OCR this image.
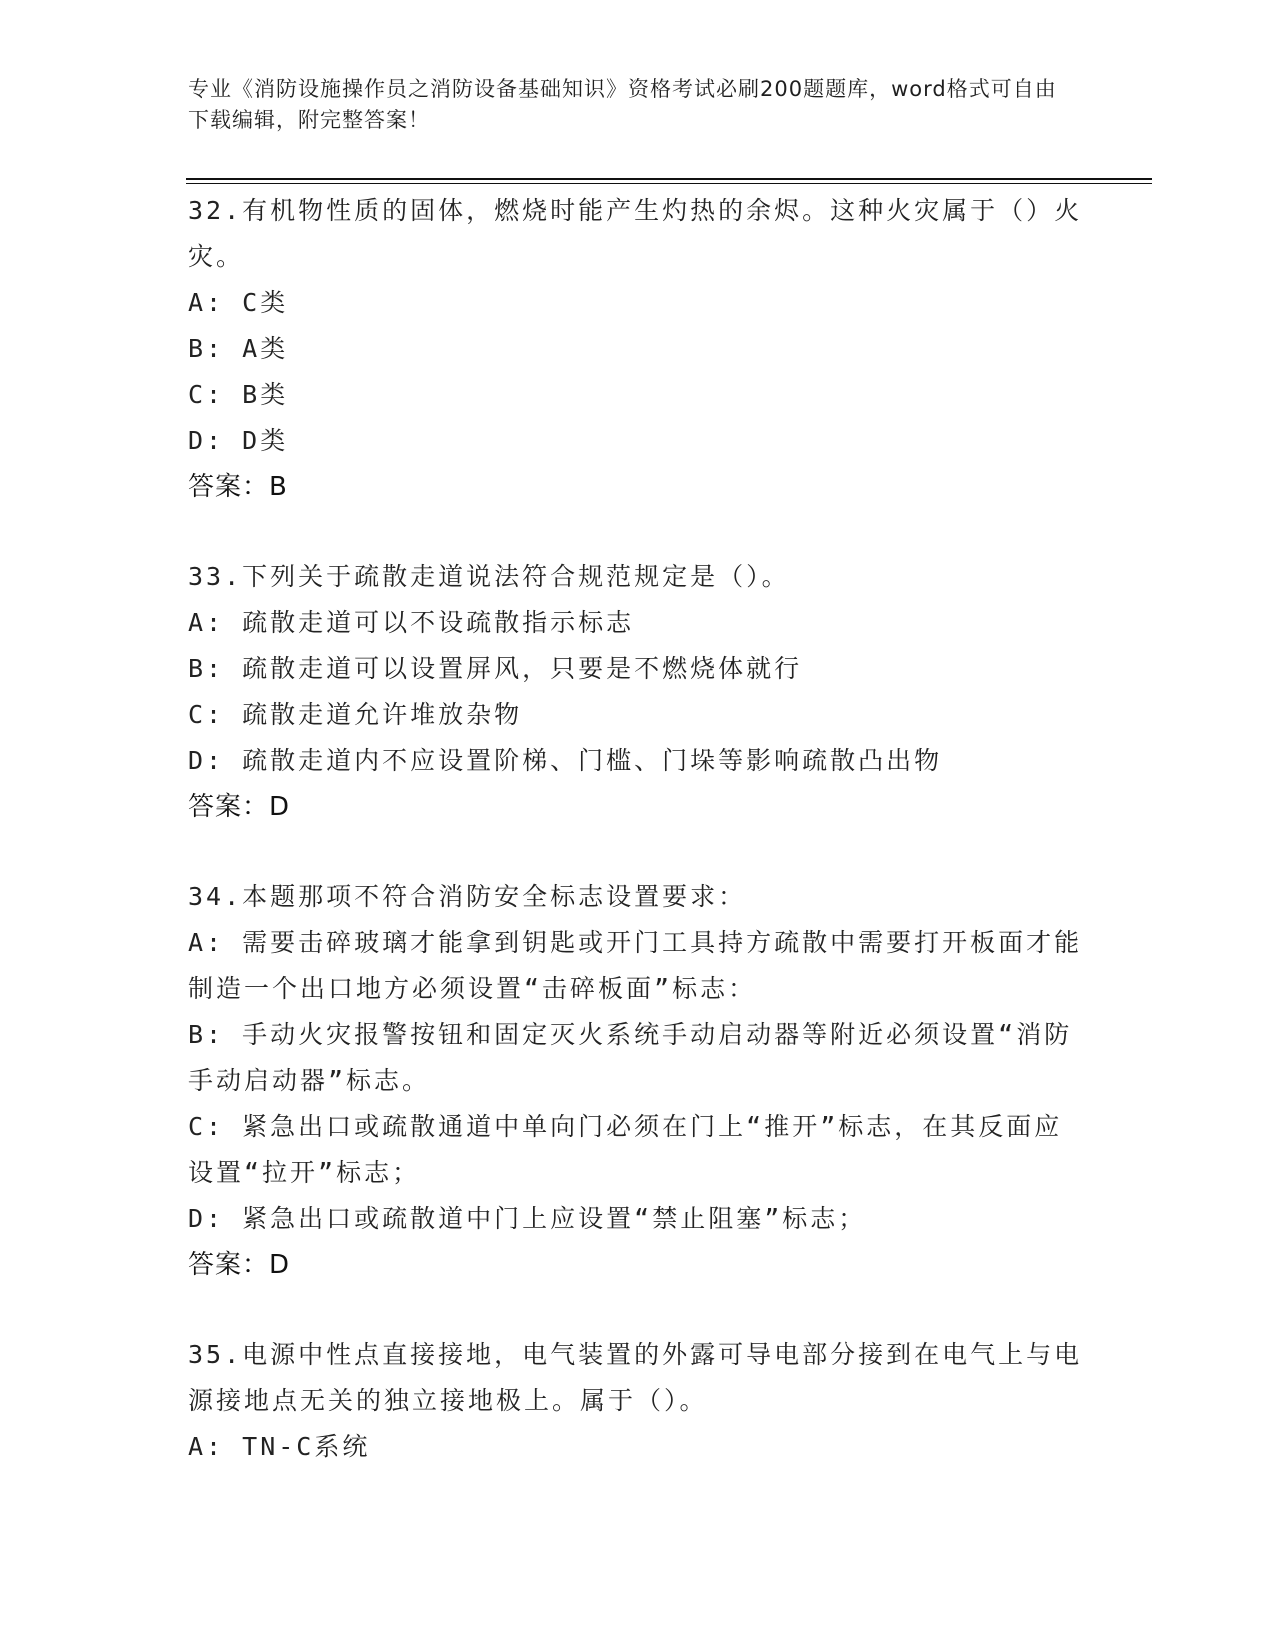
专业《消防设施操作员之消防设备基础知识》资格考试必刷200题题库，word格式可自由下载编辑，附完整答案！
32.有机物性质的固体，燃烧时能产生灼热的余烬。这种火灾属于（）火灾。
A: C类
B: A类
C: B类
D: D类
答案：B
33.下列关于疏散走道说法符合规范规定是（）。
A: 疏散走道可以不设疏散指示标志
B: 疏散走道可以设置屏风，只要是不燃烧体就行
C: 疏散走道允许堆放杂物
D: 疏散走道内不应设置阶梯、门槛、门垛等影响疏散凸出物
答案：D
34.本题那项不符合消防安全标志设置要求：
A: 需要击碎玻璃才能拿到钥匙或开门工具持方疏散中需要打开板面才能制造一个出口地方必须设置“击碎板面”标志：
B: 手动火灾报警按钮和固定灭火系统手动启动器等附近必须设置“消防手动启动器”标志。
C: 紧急出口或疏散通道中单向门必须在门上“推开”标志，在其反面应设置“拉开”标志；
D: 紧急出口或疏散道中门上应设置“禁止阻塞”标志；
答案：D
35.电源中性点直接接地，电气装置的外露可导电部分接到在电气上与电源接地点无关的独立接地极上。属于（）。
A: TN-C系统
